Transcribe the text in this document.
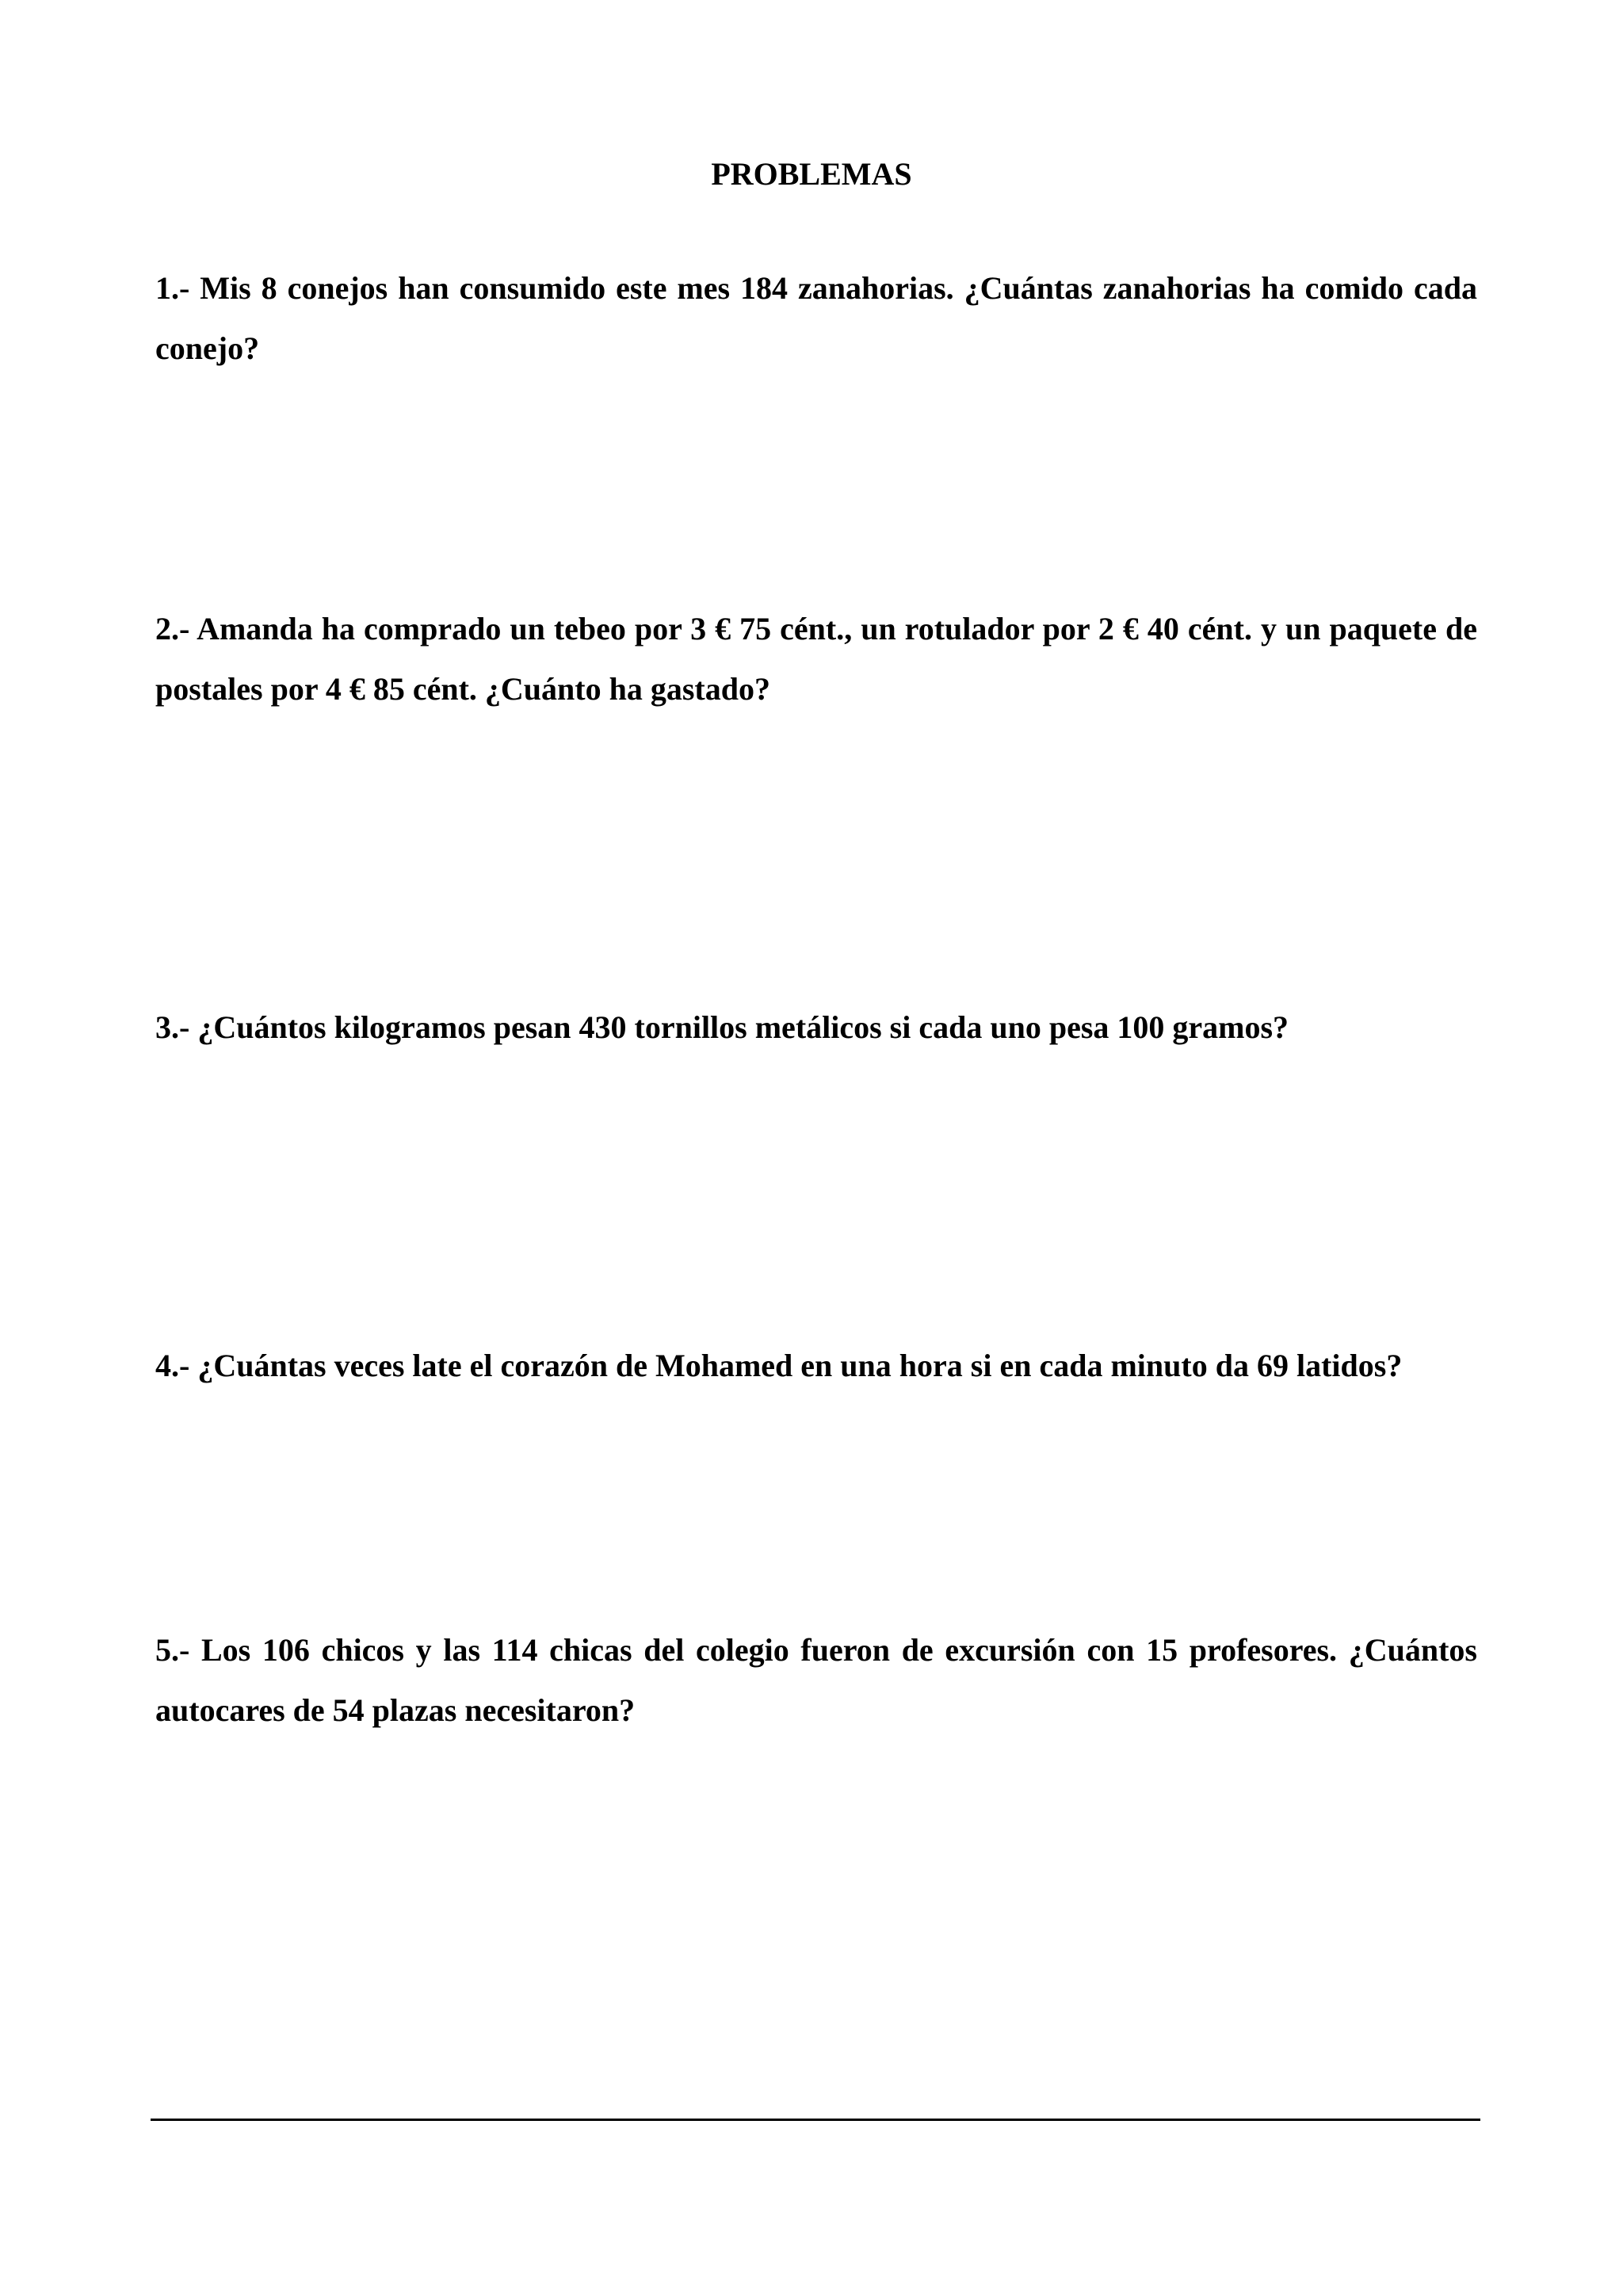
PROBLEMAS

1.- Mis 8 conejos han consumido este mes 184 zanahorias. ¿Cuántas zanahorias ha comido cada conejo?

2.- Amanda ha comprado un tebeo por 3 € 75 cént., un rotulador por 2 € 40 cént. y un paquete de postales por 4 € 85 cént. ¿Cuánto ha gastado?

3.- ¿Cuántos kilogramos pesan 430 tornillos metálicos si cada uno pesa 100 gramos?

4.- ¿Cuántas veces late el corazón de Mohamed en una hora si en cada minuto da 69 latidos?

5.- Los 106 chicos y las 114 chicas del colegio fueron de excursión con 15 profesores. ¿Cuántos autocares de 54 plazas necesitaron?
